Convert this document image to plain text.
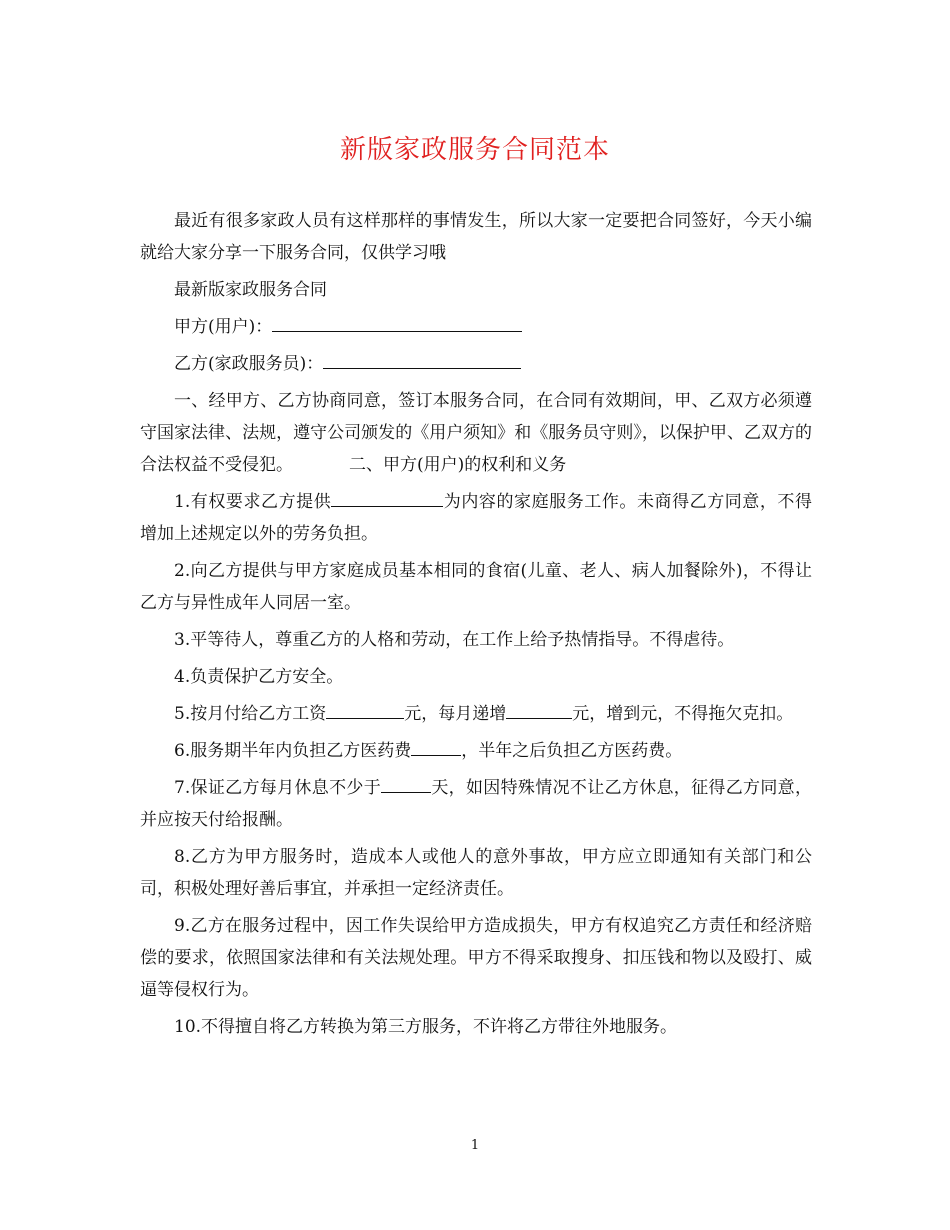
新版家政服务合同范本

最近有很多家政人员有这样那样的事情发生，所以大家一定要把合同签好，今天小编就给大家分享一下服务合同，仅供学习哦

最新版家政服务合同

甲方(用户)：

乙方(家政服务员)：

一、经甲方、乙方协商同意，签订本服务合同，在合同有效期间，甲、乙双方必须遵守国家法律、法规，遵守公司颁发的《用户须知》和《服务员守则》，以保护甲、乙双方的合法权益不受侵犯。	二、甲方(用户)的权利和义务

1.有权要求乙方提供	为内容的家庭服务工作。未商得乙方同意，不得增加上述规定以外的劳务负担。

2.向乙方提供与甲方家庭成员基本相同的食宿(儿童、老人、病人加餐除外)，不得让乙方与异性成年人同居一室。

3.平等待人，尊重乙方的人格和劳动，在工作上给予热情指导。不得虐待。

4.负责保护乙方安全。

5.按月付给乙方工资	元，每月递增	元，增到元，不得拖欠克扣。

6.服务期半年内负担乙方医药费	，半年之后负担乙方医药费。

7.保证乙方每月休息不少于	天，如因特殊情况不让乙方休息，征得乙方同意，并应按天付给报酬。

8.乙方为甲方服务时，造成本人或他人的意外事故，甲方应立即通知有关部门和公司，积极处理好善后事宜，并承担一定经济责任。

9.乙方在服务过程中，因工作失误给甲方造成损失，甲方有权追究乙方责任和经济赔偿的要求，依照国家法律和有关法规处理。甲方不得采取搜身、扣压钱和物以及殴打、威逼等侵权行为。

10.不得擅自将乙方转换为第三方服务，不许将乙方带往外地服务。

1
